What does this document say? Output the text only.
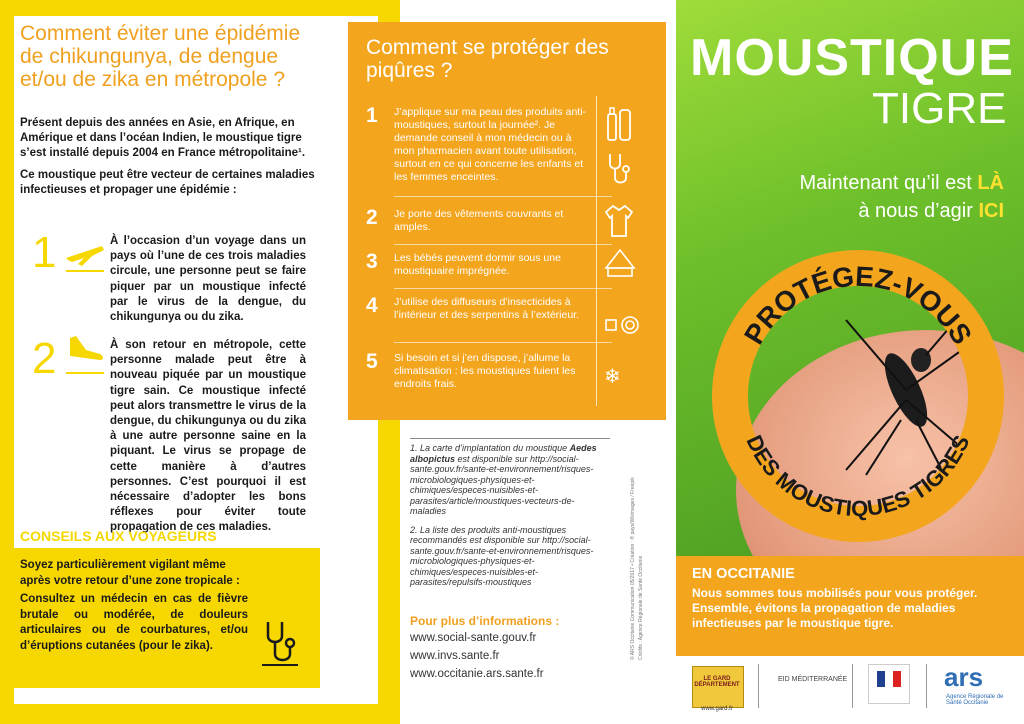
Comment éviter une épidémie de chikungunya, de dengue et/ou de zika en métropole ?
Présent depuis des années en Asie, en Afrique, en Amérique et dans l’océan Indien, le moustique tigre s’est installé depuis 2004 en France métropolitaine¹.
Ce moustique peut être vecteur de certaines maladies infectieuses et propager une épidémie :
1	À l’occasion d’un voyage dans un pays où l’une de ces trois maladies circule, une personne peut se faire piquer par un moustique infecté par le virus de la dengue, du chikungunya ou du zika.
2	À son retour en métropole, cette personne malade peut être à nouveau piquée par un moustique tigre sain. Ce moustique infecté peut alors transmettre le virus de la dengue, du chikungunya ou du zika à une autre personne saine en la piquant. Le virus se propage de cette manière à d’autres personnes. C’est pourquoi il est nécessaire d’adopter les bons réflexes pour éviter toute propagation de ces maladies.
CONSEILS AUX VOYAGEURS
Soyez particulièrement vigilant même après votre retour d’une zone tropicale :
Consultez un médecin en cas de fièvre brutale ou modérée, de douleurs articulaires ou de courbatures, et/ou d’éruptions cutanées (pour le zika).
Comment se protéger des piqûres ?
1 J’applique sur ma peau des produits anti-moustiques, surtout la journée². Je demande conseil à mon médecin ou à mon pharmacien avant toute utilisation, surtout en ce qui concerne les enfants et les femmes enceintes.
2 Je porte des vêtements couvrants et amples.
3 Les bébés peuvent dormir sous une moustiquaire imprégnée.
4 J’utilise des diffuseurs d’insecticides à l’intérieur et des serpentins à l’extérieur.
5 Si besoin et si j’en dispose, j’allume la climatisation : les moustiques fuient les endroits frais.	❄
1. La carte d’implantation du moustique Aedes albopictus est disponible sur http://social-sante.gouv.fr/sante-et-environnement/risques-microbiologiques-physiques-et-chimiques/especes-nuisibles-et-parasites/article/moustiques-vecteurs-de-maladies
2. La liste des produits anti-moustiques recommandés est disponible sur http://social-sante.gouv.fr/sante-et-environnement/risques-microbiologiques-physiques-et-chimiques/especes-nuisibles-et-parasites/repulsifs-moustiques
Pour plus d’informations :
www.social-sante.gouv.fr
www.invs.sante.fr
www.occitanie.ars.sante.fr
© ARS Occitanie Communication 05/2017 • Création : ® pays/Wikimages / Freepik Crédits : Agence Régionale de Santé Occitanie
MOUSTIQUE
TIGRE
Maintenant qu’il est LÀ
à nous d’agir ICI
PROTÉGEZ-VOUS
DES MOUSTIQUES TIGRES
EN OCCITANIE
Nous sommes tous mobilisés pour vous protéger. Ensemble, évitons la propagation de maladies infectieuses par le moustique tigre.
LE GARD DÉPARTEMENT
www.gard.fr
EID MÉDITERRANÉE	ars
Agence Régionale de Santé Occitanie
